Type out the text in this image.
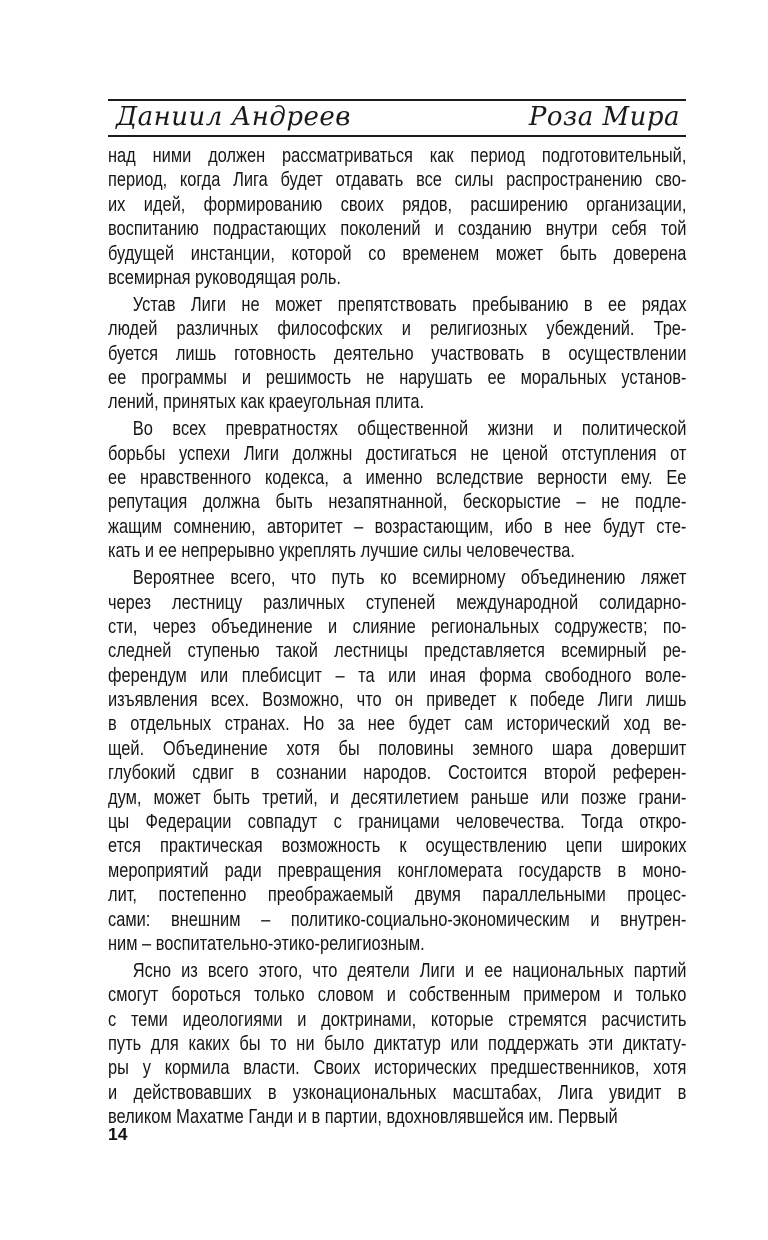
Даниил Андреев	Роза Мира
над ними должен рассматриваться как период подготовительный,
период, когда Лига будет отдавать все силы распространению сво-
их идей, формированию своих рядов, расширению организации,
воспитанию подрастающих поколений и созданию внутри себя той
будущей инстанции, которой со временем может быть доверена
всемирная руководящая роль.
Устав Лиги не может препятствовать пребыванию в ее рядах
людей различных философских и религиозных убеждений. Тре-
буется лишь готовность деятельно участвовать в осуществлении
ее программы и решимость не нарушать ее моральных установ-
лений, принятых как краеугольная плита.
Во всех превратностях общественной жизни и политической
борьбы успехи Лиги должны достигаться не ценой отступления от
ее нравственного кодекса, а именно вследствие верности ему. Ее
репутация должна быть незапятнанной, бескорыстие – не подле-
жащим сомнению, авторитет – возрастающим, ибо в нее будут сте-
кать и ее непрерывно укреплять лучшие силы человечества.
Вероятнее всего, что путь ко всемирному объединению ляжет
через лестницу различных ступеней международной солидарно-
сти, через объединение и слияние региональных содружеств; по-
следней ступенью такой лестницы представляется всемирный ре-
ферендум или плебисцит – та или иная форма свободного воле-
изъявления всех. Возможно, что он приведет к победе Лиги лишь
в отдельных странах. Но за нее будет сам исторический ход ве-
щей. Объединение хотя бы половины земного шара довершит
глубокий сдвиг в сознании народов. Состоится второй референ-
дум, может быть третий, и десятилетием раньше или позже грани-
цы Федерации совпадут с границами человечества. Тогда откро-
ется практическая возможность к осуществлению цепи широких
мероприятий ради превращения конгломерата государств в моно-
лит, постепенно преображаемый двумя параллельными процес-
сами: внешним – политико-социально-экономическим и внутрен-
ним – воспитательно-этико-религиозным.
Ясно из всего этого, что деятели Лиги и ее национальных партий
смогут бороться только словом и собственным примером и только
с теми идеологиями и доктринами, которые стремятся расчистить
путь для каких бы то ни было диктатур или поддержать эти диктату-
ры у кормила власти. Своих исторических предшественников, хотя
и действовавших в узконациональных масштабах, Лига увидит в
великом Махатме Ганди и в партии, вдохновлявшейся им. Первый
14
